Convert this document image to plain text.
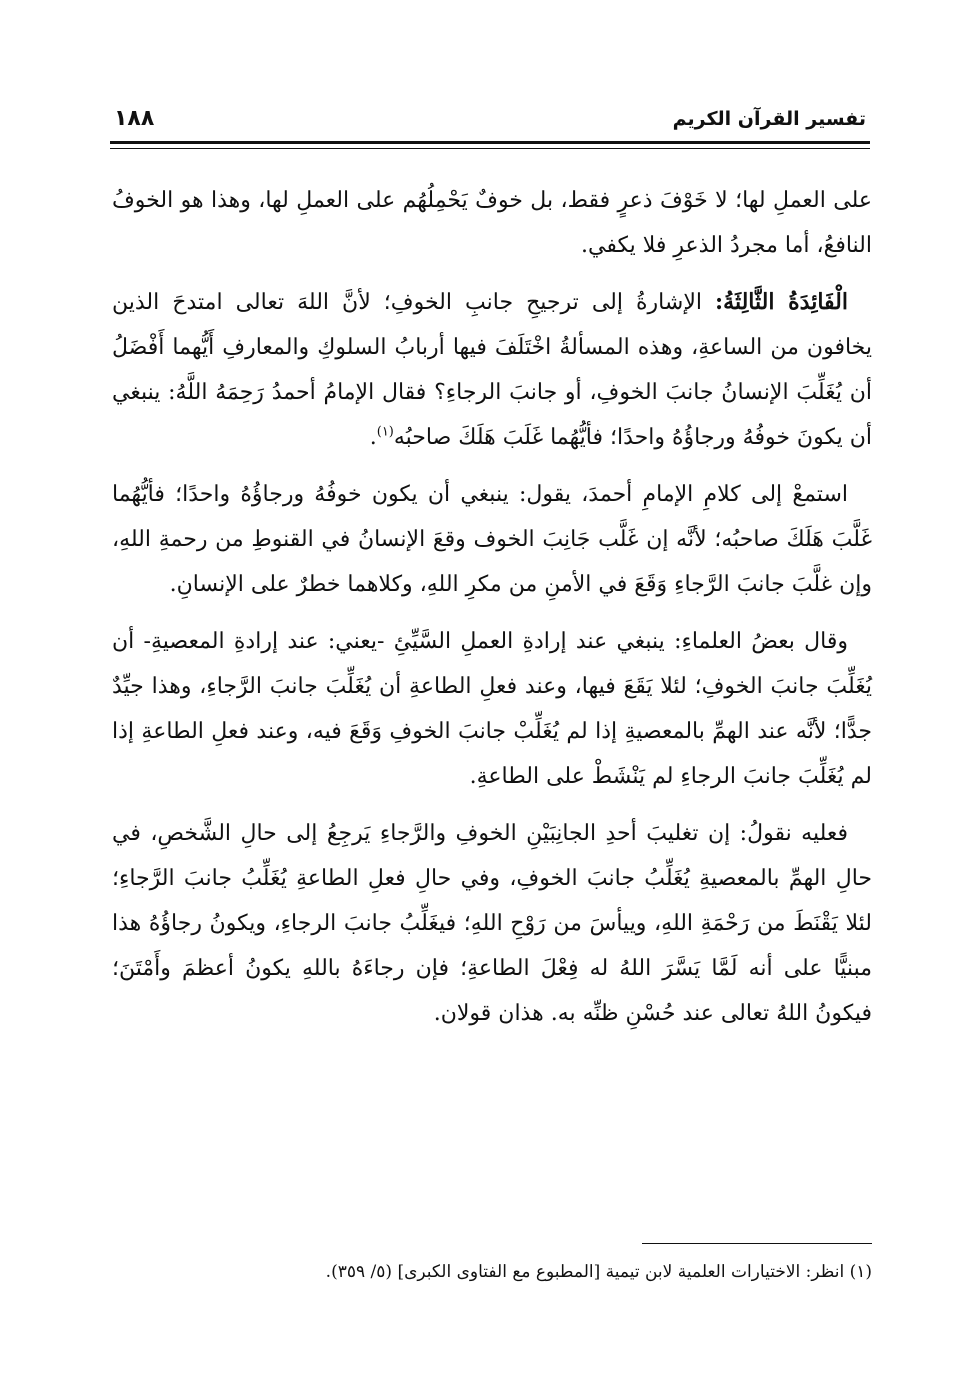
تفسير القرآن الكريم
١٨٨

على العملِ لها؛ لا خَوْفَ ذعرٍ فقط، بل خوفٌ يَحْمِلُهُم على العملِ لها، وهذا هو الخوفُ النافعُ، أما مجردُ الذعرِ فلا يكفي.

الْفَائِدَةُ الثَّالِثَةُ: الإشارةُ إلى ترجيحِ جانبِ الخوفِ؛ لأنَّ اللهَ تعالى امتدحَ الذين يخافون من الساعةِ، وهذه المسألةُ اخْتَلَفَ فيها أربابُ السلوكِ والمعارفِ أَيُّهما أَفْضَلُ أن يُغَلِّبَ الإنسانُ جانبَ الخوفِ، أو جانبَ الرجاءِ؟ فقال الإمامُ أحمدُ رَحِمَهُ اللَّهُ: ينبغي أن يكونَ خوفُهُ ورجاؤُهُ واحدًا؛ فأيُّهُما غَلَبَ هَلَكَ صاحبُه$^{(١)}$.

استمعْ إلى كلامِ الإمامِ أحمدَ، يقول: ينبغي أن يكون خوفُهُ ورجاؤُهُ واحدًا؛ فأيُّهُما غَلَّبَ هَلَكَ صاحبُه؛ لأنَّه إن غَلَّب جَانِبَ الخوف وقعَ الإنسانُ في القنوطِ من رحمةِ اللهِ، وإن غلَّبَ جانبَ الرَّجاءِ وَقَعَ في الأمنِ من مكرِ اللهِ، وكلاهما خطرٌ على الإنسانِ.

وقال بعضُ العلماءِ: ينبغي عند إرادةِ العملِ السَّيِّئِ -يعني: عند إرادةِ المعصيةِ- أن يُغَلِّبَ جانبَ الخوفِ؛ لئلا يَقَعَ فيها، وعند فعلِ الطاعةِ أن يُغَلِّبَ جانبَ الرَّجاءِ، وهذا جيِّدٌ جدًّا؛ لأنَّه عند الهمِّ بالمعصيةِ إذا لم يُغَلِّبْ جانبَ الخوفِ وَقَعَ فيه، وعند فعلِ الطاعةِ إذا لم يُغَلِّبَ جانبَ الرجاءِ لم يَنْشَطْ على الطاعةِ.

فعليه نقولُ: إن تغليبَ أحدِ الجانِبَيْنِ الخوفِ والرَّجاءِ يَرجِعُ إلى حالِ الشَّخصِ، في حالِ الهمِّ بالمعصيةِ يُغَلِّبُ جانبَ الخوفِ، وفي حالِ فعلِ الطاعةِ يُغَلِّبُ جانبَ الرَّجاءِ؛ لئلا يَقْنَطَ من رَحْمَةِ اللهِ، وييأسَ من رَوْحِ اللهِ؛ فيغَلِّبُ جانبَ الرجاءِ، ويكونُ رجاؤُهُ هذا مبنيًّا على أنه لَمَّا يَسَّرَ اللهُ له فِعْلَ الطاعةِ؛ فإن رجاءَهُ باللهِ يكونُ أعظمَ وأَمْتَنَ؛ فيكونُ اللهُ تعالى عند حُسْنِ ظنِّه به. هذان قولان.

(١) انظر: الاختيارات العلمية لابن تيمية [المطبوع مع الفتاوى الكبرى] (٥/ ٣٥٩).
